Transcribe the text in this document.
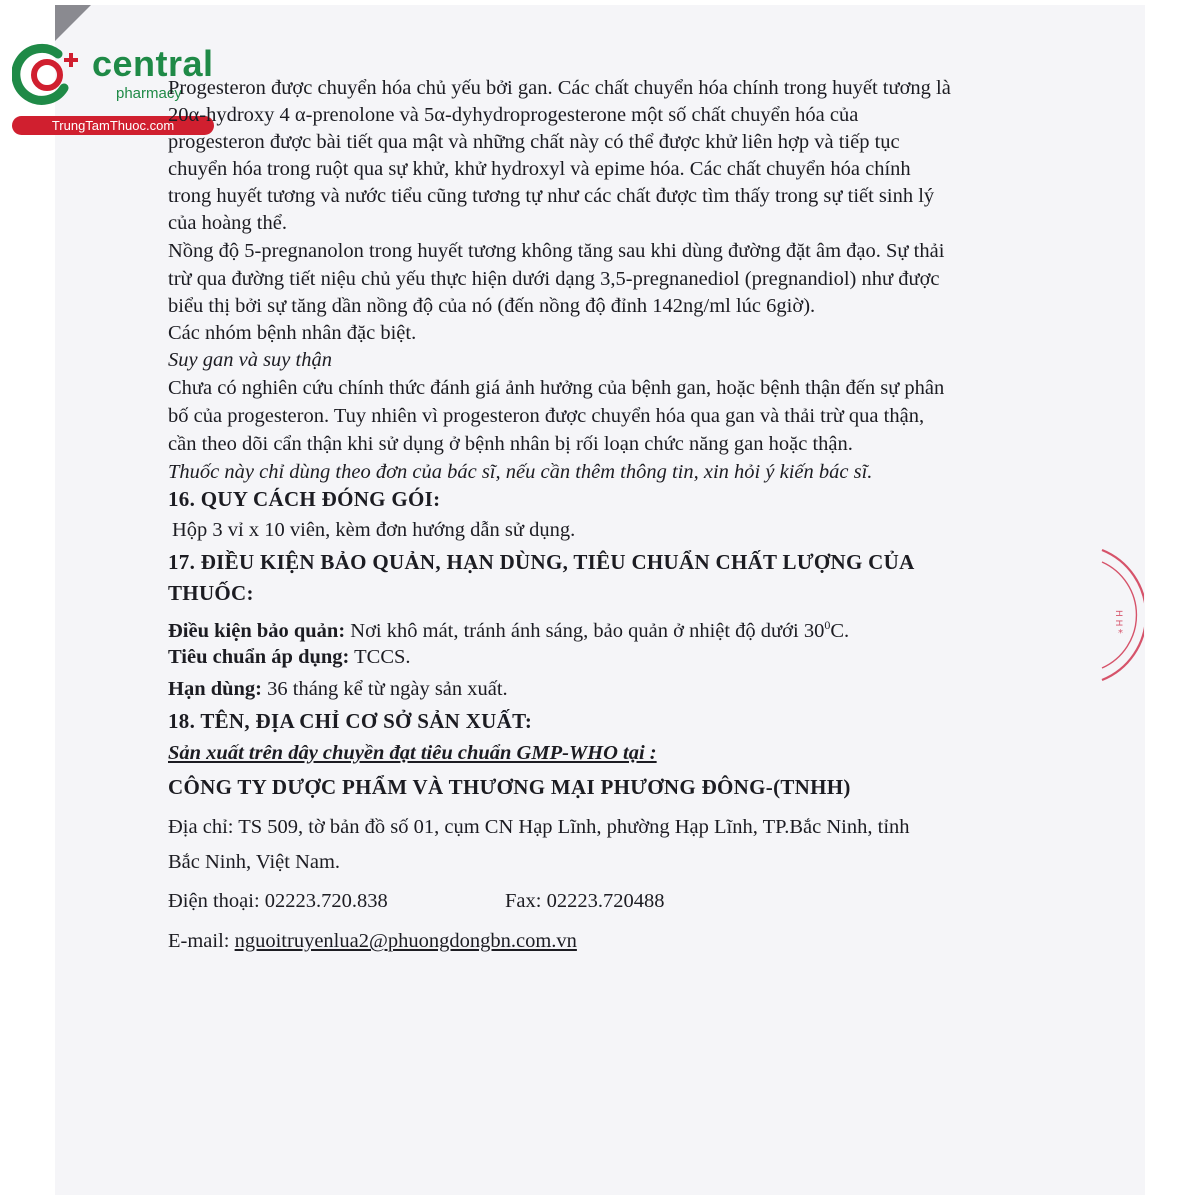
central
pharmacy
TrungTamThuoc.com
Progesteron được chuyển hóa chủ yếu bởi gan. Các chất chuyển hóa chính trong huyết tương là
20α-hydroxy 4 α-prenolone và 5α-dyhydroprogesterone một số chất chuyển hóa của
progesteron được bài tiết qua mật và những chất này có thể được khử liên hợp và tiếp tục
chuyển hóa trong ruột qua sự khử, khử hydroxyl và epime hóa. Các chất chuyển hóa chính
trong huyết tương và nước tiểu cũng tương tự như các chất được tìm thấy trong sự tiết sinh lý
của hoàng thể.
Nồng độ 5-pregnanolon trong huyết tương không tăng sau khi dùng đường đặt âm đạo. Sự thải
trừ qua đường tiết niệu chủ yếu thực hiện dưới dạng 3,5-pregnanediol (pregnandiol) như được
biểu thị bởi sự tăng dần nồng độ của nó (đến nồng độ đỉnh 142ng/ml lúc 6giờ).
Các nhóm bệnh nhân đặc biệt.
Suy gan và suy thận
Chưa có nghiên cứu chính thức đánh giá ảnh hưởng của bệnh gan, hoặc bệnh thận đến sự phân
bố của progesteron. Tuy nhiên vì progesteron được chuyển hóa qua gan và thải trừ qua thận,
cần theo dõi cẩn thận khi sử dụng ở bệnh nhân bị rối loạn chức năng gan hoặc thận.
Thuốc này chỉ dùng theo đơn của bác sĩ, nếu cần thêm thông tin, xin hỏi ý kiến bác sĩ.
16. QUY CÁCH ĐÓNG GÓI:
Hộp 3 vỉ x 10 viên, kèm đơn hướng dẫn sử dụng.
17. ĐIỀU KIỆN BẢO QUẢN, HẠN DÙNG, TIÊU CHUẨN CHẤT LƯỢNG CỦA
THUỐC:
Điều kiện bảo quản: Nơi khô mát, tránh ánh sáng, bảo quản ở nhiệt độ dưới $30^0C$.
Tiêu chuẩn áp dụng: TCCS.
Hạn dùng: 36 tháng kể từ ngày sản xuất.
18. TÊN, ĐỊA CHỈ CƠ SỞ SẢN XUẤT:
Sản xuất trên dây chuyền đạt tiêu chuẩn GMP-WHO tại :
CÔNG TY DƯỢC PHẨM VÀ THƯƠNG MẠI PHƯƠNG ĐÔNG-(TNHH)
Địa chỉ: TS 509, tờ bản đồ số 01, cụm CN Hạp Lĩnh, phường Hạp Lĩnh, TP.Bắc Ninh, tỉnh
Bắc Ninh, Việt Nam.
Điện thoại: 02223.720.838	Fax: 02223.720488
E-mail: nguoitruyenlua2@phuongdongbn.com.vn
H H
*
